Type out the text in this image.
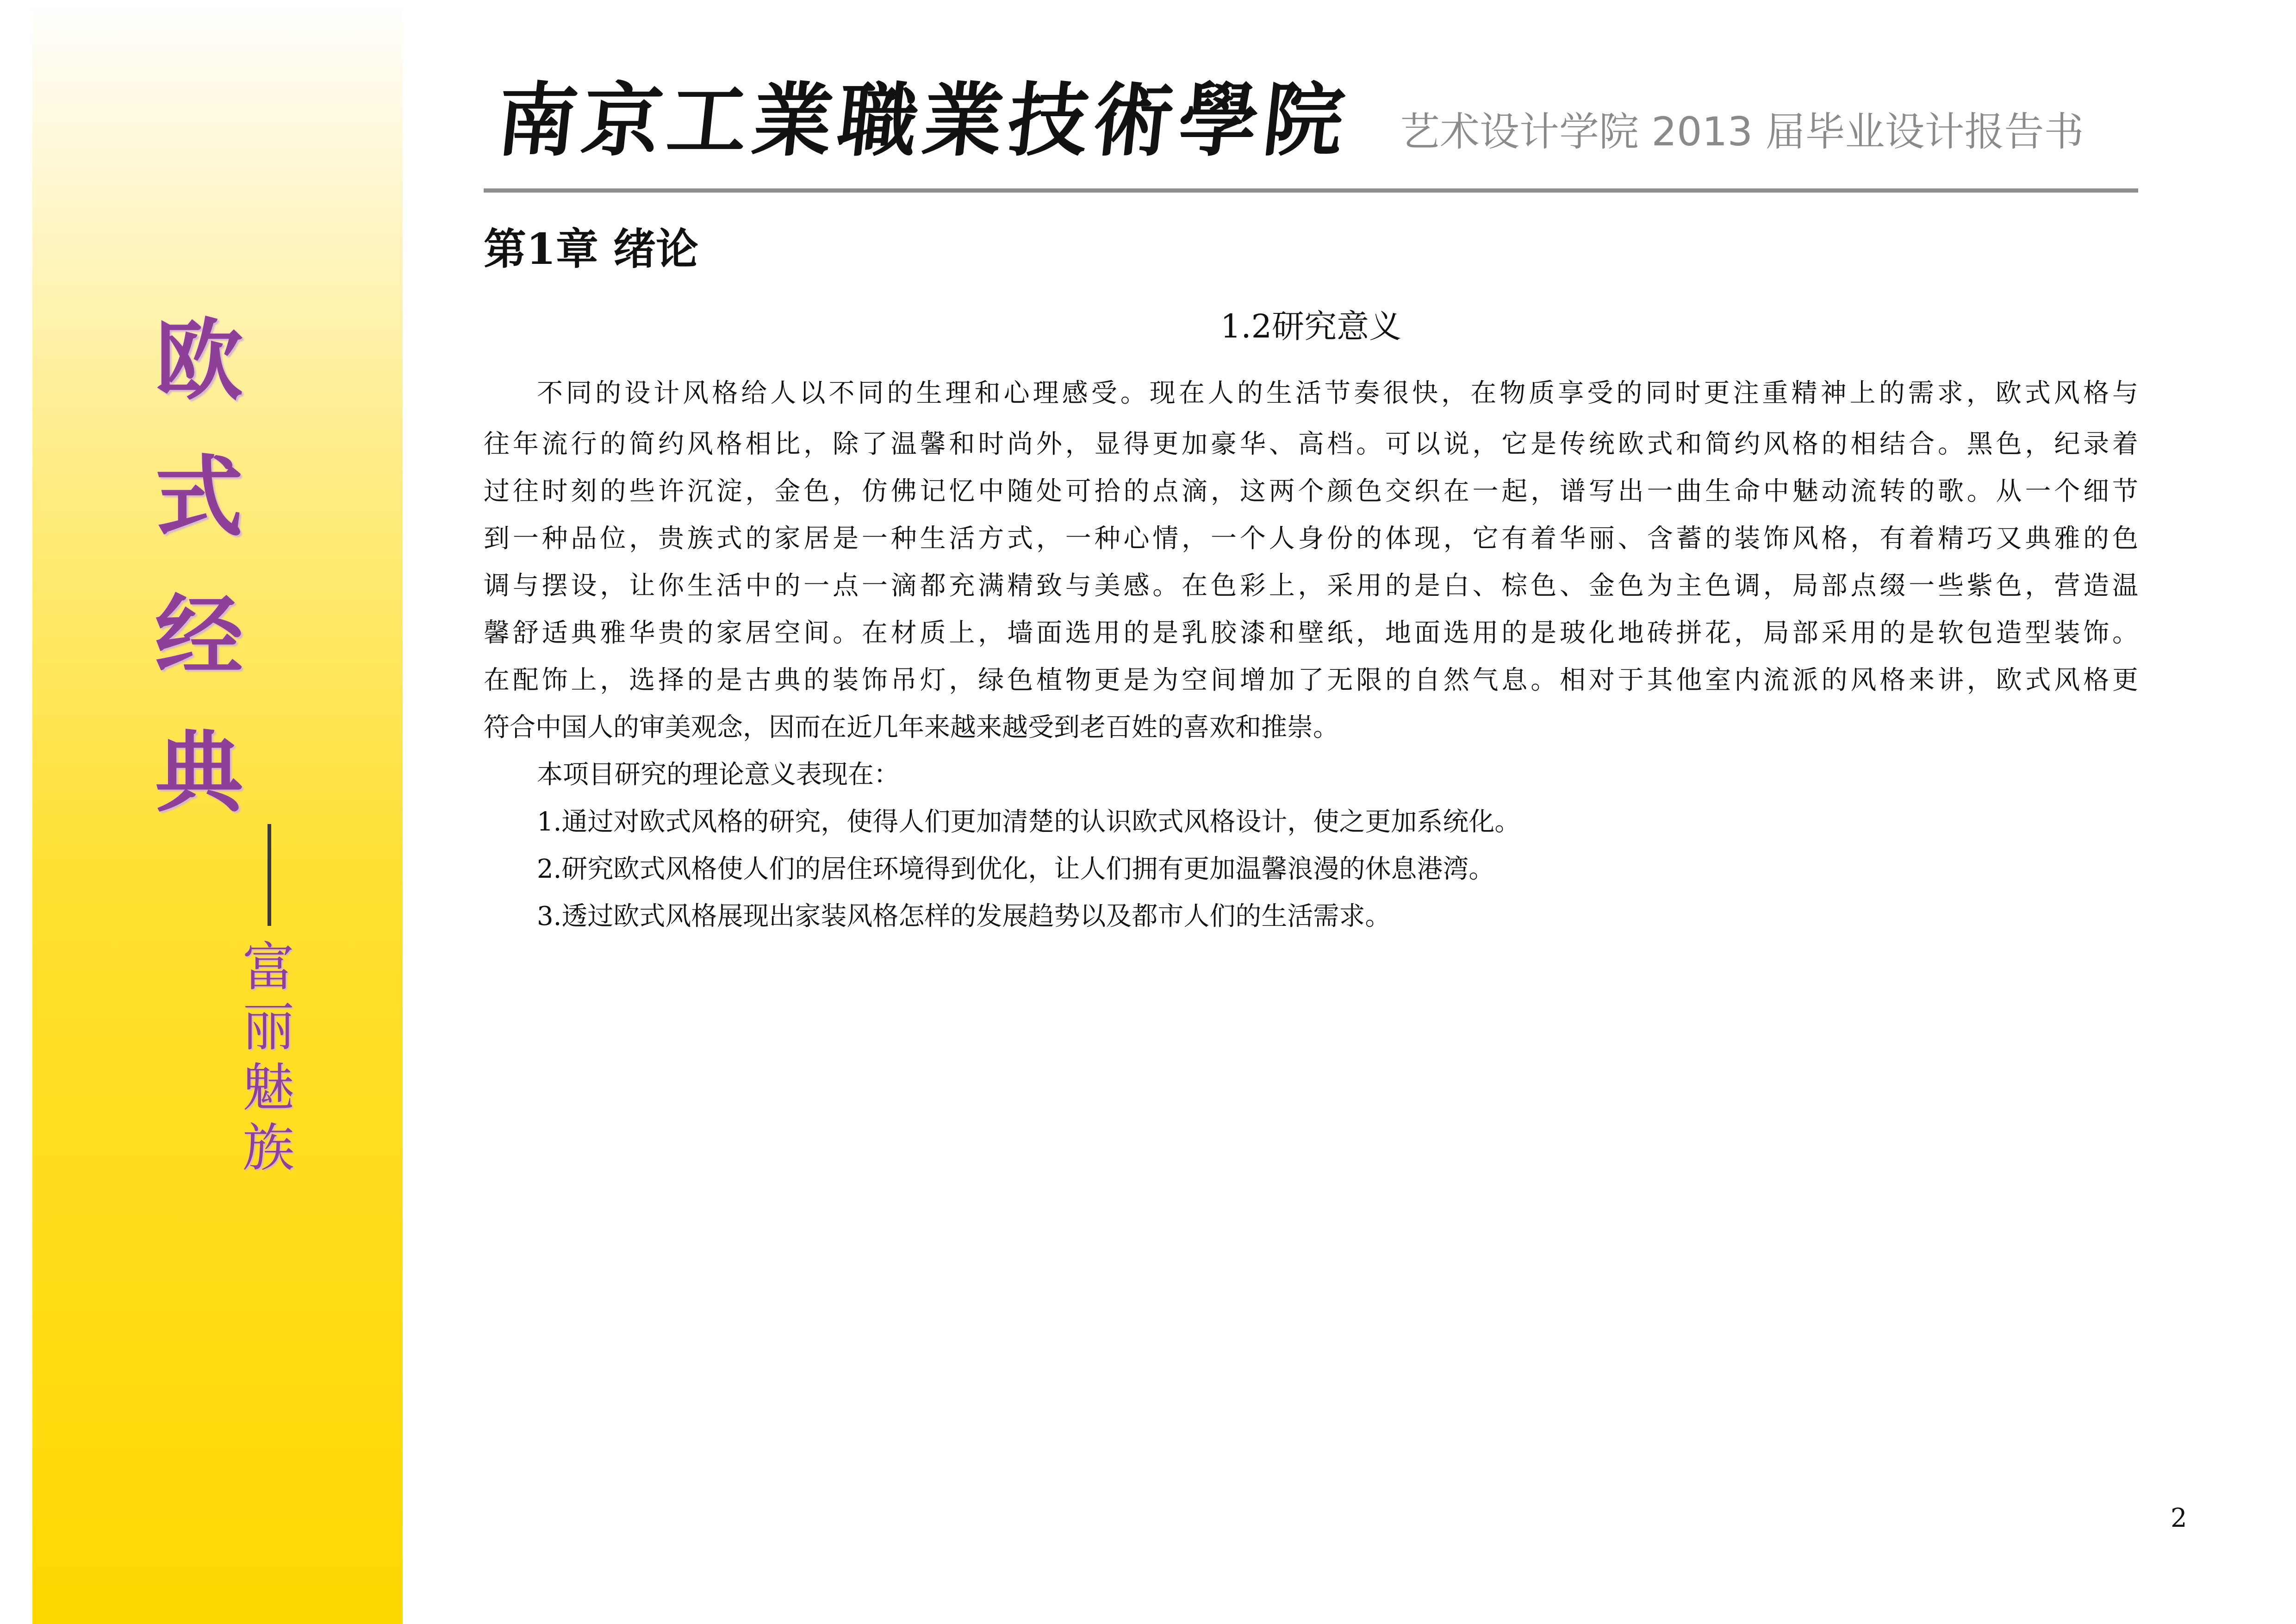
欧
式
经
典
富
丽
魅
族
南京工業職業技術學院 艺术设计学院 2013 届毕业设计报告书
第1章 绪论
1.2研究意义
不同的设计风格给人以不同的生理和心理感受。现在人的生活节奏很快，在物质享受的同时更注重精神上的需求，欧式风格与
往年流行的简约风格相比，除了温馨和时尚外，显得更加豪华、高档。可以说，它是传统欧式和简约风格的相结合。黑色，纪录着
过往时刻的些许沉淀，金色，仿佛记忆中随处可拾的点滴，这两个颜色交织在一起，谱写出一曲生命中魅动流转的歌。从一个细节
到一种品位，贵族式的家居是一种生活方式，一种心情，一个人身份的体现，它有着华丽、含蓄的装饰风格，有着精巧又典雅的色
调与摆设，让你生活中的一点一滴都充满精致与美感。在色彩上，采用的是白、棕色、金色为主色调，局部点缀一些紫色，营造温
馨舒适典雅华贵的家居空间。在材质上，墙面选用的是乳胶漆和壁纸，地面选用的是玻化地砖拼花，局部采用的是软包造型装饰。
在配饰上，选择的是古典的装饰吊灯，绿色植物更是为空间增加了无限的自然气息。相对于其他室内流派的风格来讲，欧式风格更
符合中国人的审美观念，因而在近几年来越来越受到老百姓的喜欢和推崇。
本项目研究的理论意义表现在：
1.通过对欧式风格的研究，使得人们更加清楚的认识欧式风格设计，使之更加系统化。
2.研究欧式风格使人们的居住环境得到优化，让人们拥有更加温馨浪漫的休息港湾。
3.透过欧式风格展现出家装风格怎样的发展趋势以及都市人们的生活需求。
2
